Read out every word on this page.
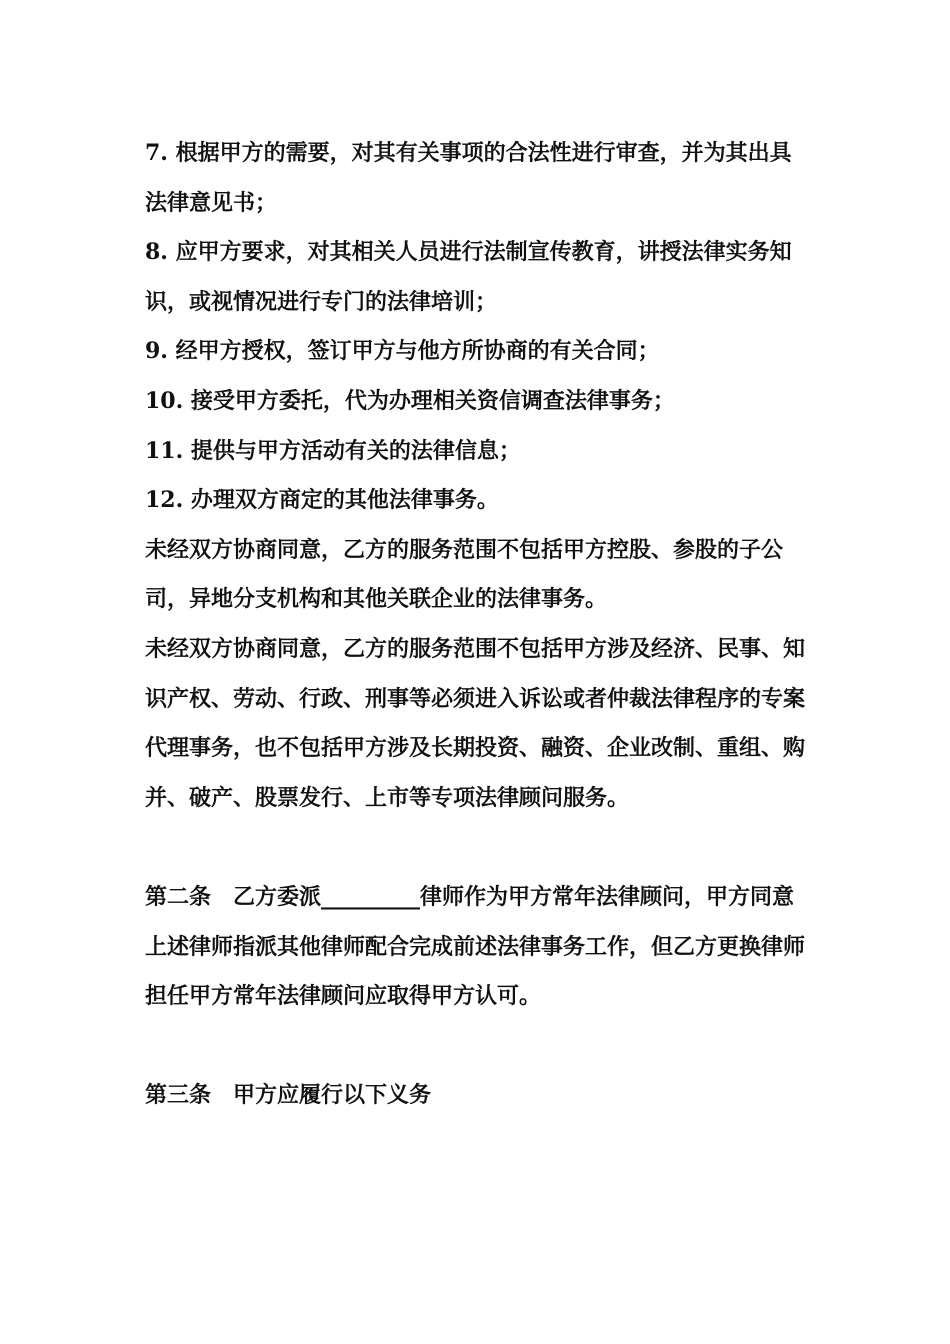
7. 根据甲方的需要，对其有关事项的合法性进行审查，并为其出具法律意见书；

8. 应甲方要求，对其相关人员进行法制宣传教育，讲授法律实务知识，或视情况进行专门的法律培训；

9. 经甲方授权，签订甲方与他方所协商的有关合同；

10. 接受甲方委托，代为办理相关资信调查法律事务；

11. 提供与甲方活动有关的法律信息；

12. 办理双方商定的其他法律事务。

未经双方协商同意，乙方的服务范围不包括甲方控股、参股的子公司，异地分支机构和其他关联企业的法律事务。

未经双方协商同意，乙方的服务范围不包括甲方涉及经济、民事、知识产权、劳动、行政、刑事等必须进入诉讼或者仲裁法律程序的专案代理事务，也不包括甲方涉及长期投资、融资、企业改制、重组、购并、破产、股票发行、上市等专项法律顾问服务。

第二条　乙方委派_________律师作为甲方常年法律顾问，甲方同意上述律师指派其他律师配合完成前述法律事务工作，但乙方更换律师担任甲方常年法律顾问应取得甲方认可。

第三条　甲方应履行以下义务
